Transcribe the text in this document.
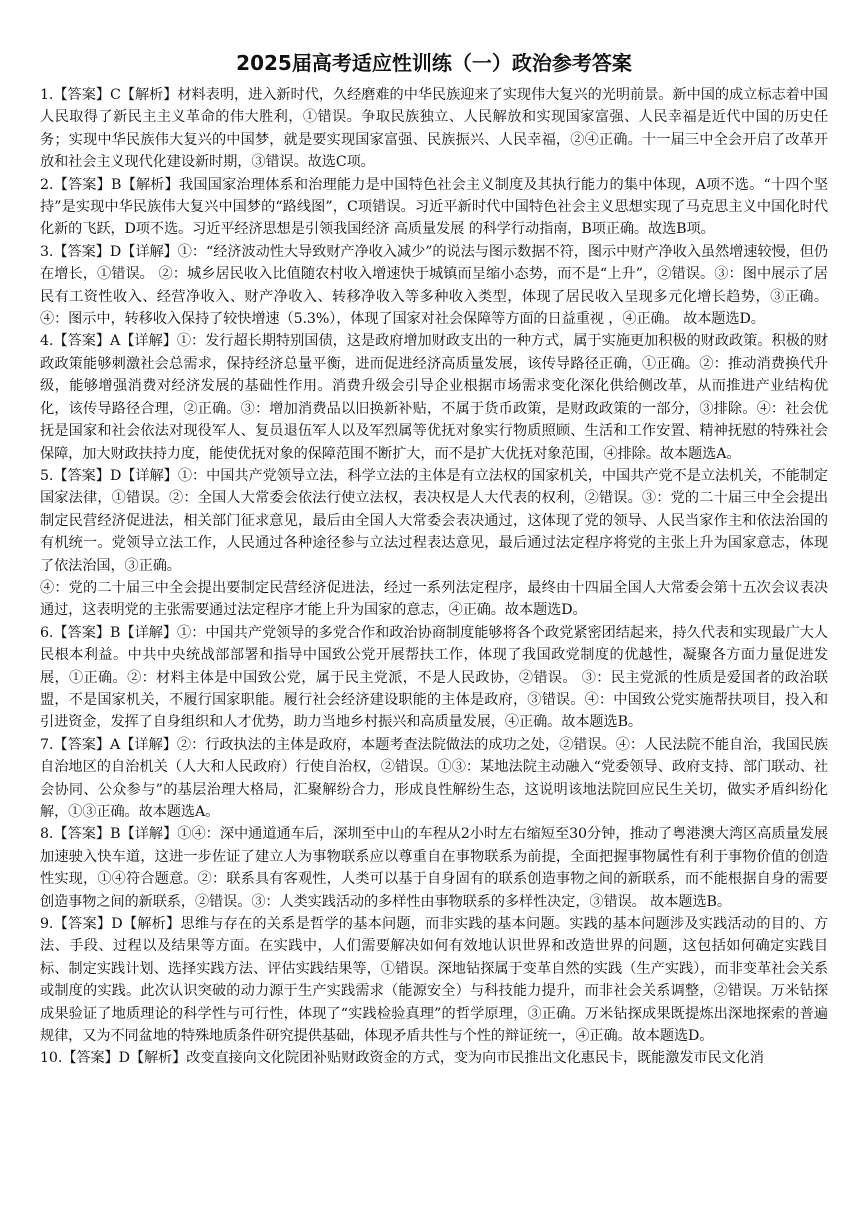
2025届高考适应性训练（一）政治参考答案

1.【答案】C【解析】材料表明，进入新时代，久经磨难的中华民族迎来了实现伟大复兴的光明前景。新中国的成立标志着中国人民取得了新民主主义革命的伟大胜利，①错误。争取民族独立、人民解放和实现国家富强、人民幸福是近代中国的历史任务；实现中华民族伟大复兴的中国梦，就是要实现国家富强、民族振兴、人民幸福，②④正确。十一届三中全会开启了改革开放和社会主义现代化建设新时期，③错误。故选C项。

2.【答案】B【解析】我国国家治理体系和治理能力是中国特色社会主义制度及其执行能力的集中体现，A项不选。“十四个坚持”是实现中华民族伟大复兴中国梦的“路线图”，C项错误。习近平新时代中国特色社会主义思想实现了马克思主义中国化时代化新的飞跃，D项不选。习近平经济思想是引领我国经济 高质量发展 的科学行动指南，B项正确。故选B项。

3.【答案】D【详解】①：“经济波动性大导致财产净收入减少”的说法与图示数据不符，图示中财产净收入虽然增速较慢，但仍在增长，①错误。 ②：城乡居民收入比值随农村收入增速快于城镇而呈缩小态势，而不是“上升”，②错误。③：图中展示了居民有工资性收入、经营净收入、财产净收入、转移净收入等多种收入类型，体现了居民收入呈现多元化增长趋势，③正确。 ④：图示中，转移收入保持了较快增速（5.3%），体现了国家对社会保障等方面的日益重视 ，④正确。 故本题选D。

4.【答案】A【详解】①：发行超长期特别国债，这是政府增加财政支出的一种方式，属于实施更加积极的财政政策。积极的财政政策能够刺激社会总需求，保持经济总量平衡，进而促进经济高质量发展，该传导路径正确，①正确。②：推动消费换代升级，能够增强消费对经济发展的基础性作用。消费升级会引导企业根据市场需求变化深化供给侧改革，从而推进产业结构优化，该传导路径合理，②正确。③：增加消费品以旧换新补贴，不属于货币政策，是财政政策的一部分，③排除。④：社会优抚是国家和社会依法对现役军人、复员退伍军人以及军烈属等优抚对象实行物质照顾、生活和工作安置、精神抚慰的特殊社会保障，加大财政扶持力度，能使优抚对象的保障范围不断扩大，而不是扩大优抚对象范围，④排除。故本题选A。

5.【答案】D【详解】①：中国共产党领导立法，科学立法的主体是有立法权的国家机关，中国共产党不是立法机关，不能制定国家法律，①错误。②：全国人大常委会依法行使立法权，表决权是人大代表的权利，②错误。③：党的二十届三中全会提出制定民营经济促进法，相关部门征求意见，最后由全国人大常委会表决通过，这体现了党的领导、人民当家作主和依法治国的有机统一。党领导立法工作，人民通过各种途径参与立法过程表达意见，最后通过法定程序将党的主张上升为国家意志，体现了依法治国，③正确。

④：党的二十届三中全会提出要制定民营经济促进法，经过一系列法定程序，最终由十四届全国人大常委会第十五次会议表决通过，这表明党的主张需要通过法定程序才能上升为国家的意志，④正确。故本题选D。

6.【答案】B【详解】①：中国共产党领导的多党合作和政治协商制度能够将各个政党紧密团结起来，持久代表和实现最广大人民根本利益。中共中央统战部部署和指导中国致公党开展帮扶工作，体现了我国政党制度的优越性，凝聚各方面力量促进发展，①正确。②：材料主体是中国致公党，属于民主党派，不是人民政协，②错误。 ③：民主党派的性质是爱国者的政治联盟，不是国家机关，不履行国家职能。履行社会经济建设职能的主体是政府，③错误。④：中国致公党实施帮扶项目，投入和引进资金，发挥了自身组织和人才优势，助力当地乡村振兴和高质量发展，④正确。故本题选B。

7.【答案】A【详解】②：行政执法的主体是政府，本题考查法院做法的成功之处，②错误。④：人民法院不能自治，我国民族自治地区的自治机关（人大和人民政府）行使自治权，②错误。①③：某地法院主动融入“党委领导、政府支持、部门联动、社会协同、公众参与”的基层治理大格局，汇聚解纷合力，形成良性解纷生态，这说明该地法院回应民生关切，做实矛盾纠纷化解，①③正确。故本题选A。

8.【答案】B【详解】①④：深中通道通车后，深圳至中山的车程从2小时左右缩短至30分钟，推动了粤港澳大湾区高质量发展加速驶入快车道，这进一步佐证了建立人为事物联系应以尊重自在事物联系为前提，全面把握事物属性有利于事物价值的创造性实现，①④符合题意。②：联系具有客观性，人类可以基于自身固有的联系创造事物之间的新联系，而不能根据自身的需要创造事物之间的新联系，②错误。③：人类实践活动的多样性由事物联系的多样性决定，③错误。 故本题选B。

9.【答案】D【解析】思维与存在的关系是哲学的基本问题，而非实践的基本问题。实践的基本问题涉及实践活动的目的、方法、手段、过程以及结果等方面。在实践中，人们需要解决如何有效地认识世界和改造世界的问题，这包括如何确定实践目标、制定实践计划、选择实践方法、评估实践结果等，①错误。深地钻探属于变革自然的实践（生产实践），而非变革社会关系或制度的实践。此次认识突破的动力源于生产实践需求（能源安全）与科技能力提升，而非社会关系调整，②错误。万米钻探成果验证了地质理论的科学性与可行性，体现了“实践检验真理”的哲学原理，③正确。万米钻探成果既提炼出深地探索的普遍规律，又为不同盆地的特殊地质条件研究提供基础，体现矛盾共性与个性的辩证统一，④正确。故本题选D。

10.【答案】D【解析】改变直接向文化院团补贴财政资金的方式，变为向市民推出文化惠民卡，既能激发市民文化消
